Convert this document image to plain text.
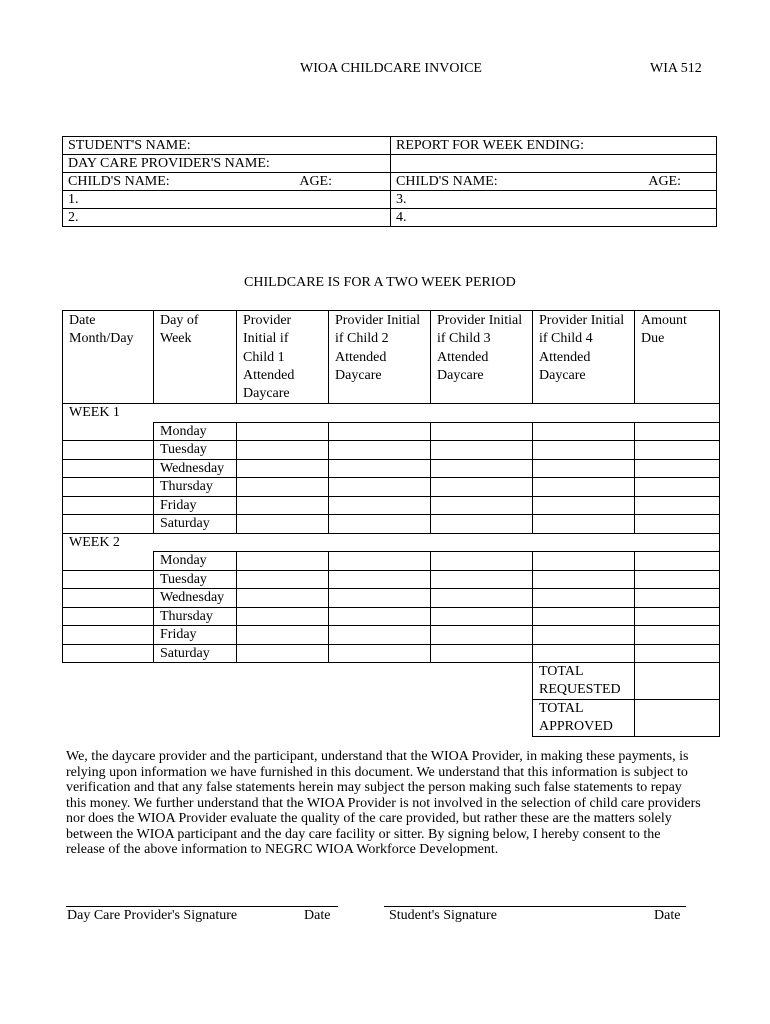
WIOA CHILDCARE INVOICE	WIA 512
STUDENT'S NAME:	REPORT FOR WEEK ENDING:
DAY CARE PROVIDER'S NAME:	

CHILD'S NAME: AGE:	CHILD'S NAME: AGE:

1.	3.
2.	4.
CHILDCARE IS FOR A TWO WEEK PERIOD
Date Month/Day	Day of Week	Provider Initial if Child 1 Attended Daycare	Provider Initial if Child 2 Attended Daycare	Provider Initial if Child 3 Attended Daycare	Provider Initial if Child 4 Attended Daycare	Amount Due
WEEK 1						
	Monday					
	Tuesday					
	Wednesday					
	Thursday					
	Friday					
	Saturday					
WEEK 2						
	Monday					
	Tuesday					
	Wednesday					
	Thursday					
	Friday					
	Saturday					
					TOTAL REQUESTED	
					TOTAL APPROVED	
We, the daycare provider and the participant, understand that the WIOA Provider, in making these payments, is relying upon information we have furnished in this document. We understand that this information is subject to verification and that any false statements herein may subject the person making such false statements to repay this money. We further understand that the WIOA Provider is not involved in the selection of child care providers nor does the WIOA Provider evaluate the quality of the care provided, but rather these are the matters solely between the WIOA participant and the day care facility or sitter. By signing below, I hereby consent to the release of the above information to NEGRC WIOA Workforce Development.
Day Care Provider's Signature	Date	Student's Signature	Date
